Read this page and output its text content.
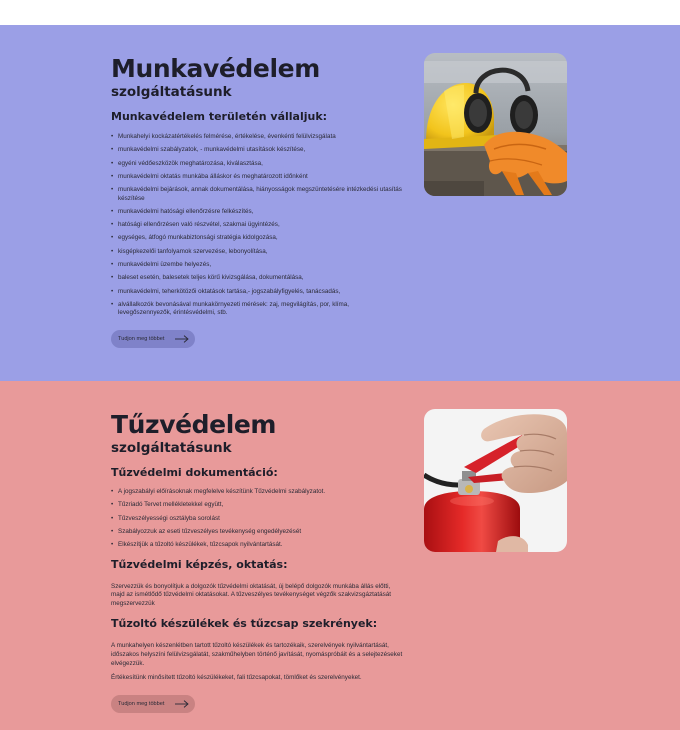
Munkavédelem
szolgáltatásunk
Munkavédelem területén vállaljuk:
• Munkahelyi kockázatértékelés felmérése, értékelése, évenkénti felülvizsgálata
• munkavédelmi szabályzatok, - munkavédelmi utasítások készítése,
• egyéni védőeszközök meghatározása, kiválasztása,
• munkavédelmi oktatás munkába álláskor és meghatározott időnként
• munkavédelmi bejárások, annak dokumentálása, hiányosságok megszüntetésére intézkedési utasítás készítése
• munkavédelmi hatósági ellenőrzésre felkészítés,
• hatósági ellenőrzésen való részvétel, szakmai ügyintézés,
• egységes, átfogó munkabiztonsági stratégia kidolgozása,
• kisgépkezelői tanfolyamok szervezése, lebonyolítása,
• munkavédelmi üzembe helyezés,
• baleset esetén, balesetek teljes körű kivizsgálása, dokumentálása,
• munkavédelmi, teherkötözői oktatások tartása,- jogszabályfigyelés, tanácsadás,
• alvállalkozók bevonásával munkakörnyezeti mérések: zaj, megvilágítás, por, klíma, levegőszennyezők, érintésvédelmi, stb.
Tudjon meg többet
Tűzvédelem
szolgáltatásunk
Tűzvédelmi dokumentáció:
• A jogszabályi előírásoknak megfelelve készítünk Tűzvédelmi szabályzatot.
• Tűzriadó Tervet mellékletekkel együtt,
• Tűzveszélyességi osztályba sorolást
• Szabályozzuk az eseti tűzveszélyes tevékenység engedélyezését
• Elkészítjük a tűzoltó készülékek, tűzcsapok nyilvántartását.
Tűzvédelmi képzés, oktatás:

Szervezzük és bonyolítjuk a dolgozók tűzvédelmi oktatását, új belépő dolgozók munkába állás előtti, majd az ismétlődő tűzvédelmi oktatásokat. A tűzveszélyes tevékenységet végzők szakvizsgáztatását megszervezzük

Tűzoltó készülékek és tűzcsap szekrények:

A munkahelyen készenlétben tartott tűzoltó készülékek és tartozékaik, szerelvények nyilvántartását, időszakos helyszíni felülvizsgálatát, szakműhelyben történő javítását, nyomáspróbáit és a selejtezéseket elvégezzük.

Értékesítünk minősített tűzoltó készülékeket, fali tűzcsapokat, tömlőket és szerelvényeket.

Tudjon meg többet
